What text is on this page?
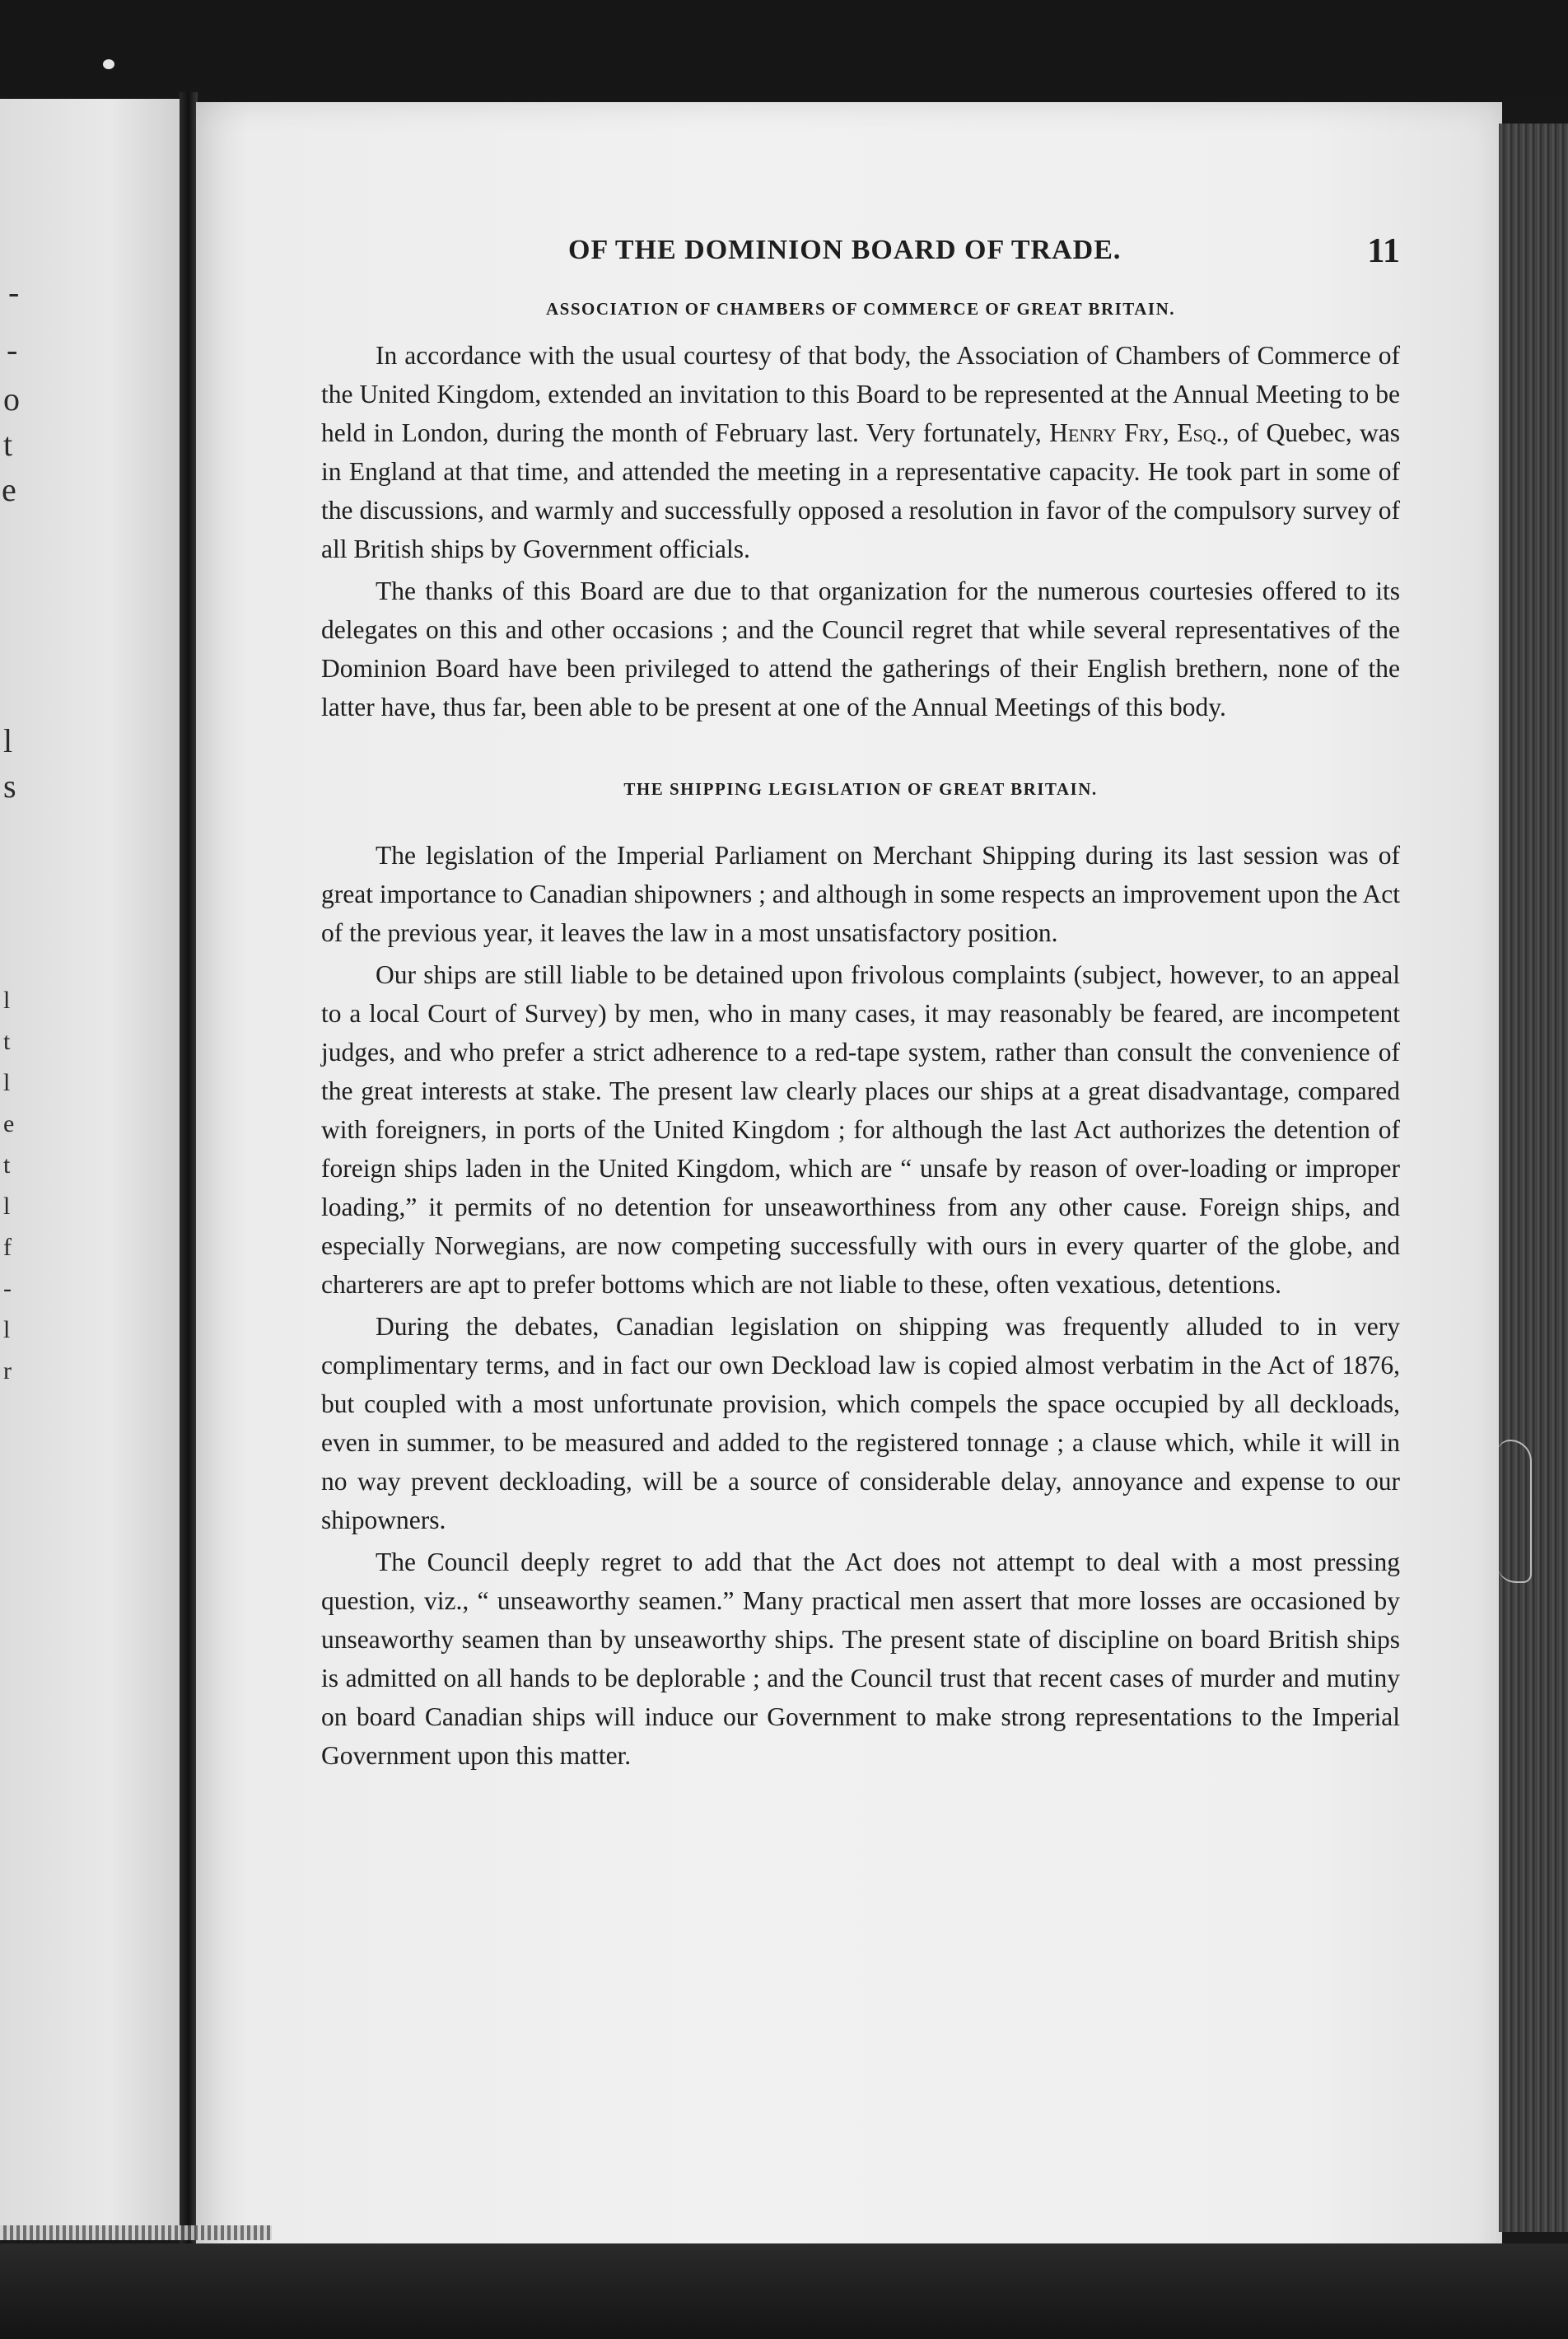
-
-
o
t
e
l
s
l
t
l
e
t
l
f
-
l
r
OF THE DOMINION BOARD OF TRADE.	11
ASSOCIATION OF CHAMBERS OF COMMERCE OF GREAT BRITAIN.

In accordance with the usual courtesy of that body, the Association of Chambers of Commerce of the United Kingdom, extended an invitation to this Board to be represented at the Annual Meeting to be held in London, during the month of February last. Very fortunately, Henry Fry, Esq., of Quebec, was in England at that time, and attended the meeting in a representative capacity. He took part in some of the discussions, and warmly and successfully opposed a resolution in favor of the compulsory survey of all British ships by Government officials.

The thanks of this Board are due to that organization for the numerous courtesies offered to its delegates on this and other occasions ; and the Council regret that while several representatives of the Dominion Board have been privileged to attend the gatherings of their English brethern, none of the latter have, thus far, been able to be present at one of the Annual Meetings of this body.

THE SHIPPING LEGISLATION OF GREAT BRITAIN.

The legislation of the Imperial Parliament on Merchant Shipping during its last session was of great importance to Canadian shipowners ; and although in some respects an improvement upon the Act of the previous year, it leaves the law in a most unsatisfactory position.

Our ships are still liable to be detained upon frivolous complaints (subject, however, to an appeal to a local Court of Survey) by men, who in many cases, it may reasonably be feared, are incompetent judges, and who prefer a strict adherence to a red-tape system, rather than consult the convenience of the great interests at stake. The present law clearly places our ships at a great disadvantage, compared with foreigners, in ports of the United Kingdom ; for although the last Act authorizes the detention of foreign ships laden in the United Kingdom, which are “ unsafe by reason of over-loading or improper loading,” it permits of no detention for unseaworthiness from any other cause. Foreign ships, and especially Norwegians, are now competing successfully with ours in every quarter of the globe, and charterers are apt to prefer bottoms which are not liable to these, often vexatious, detentions.

During the debates, Canadian legislation on shipping was frequently alluded to in very complimentary terms, and in fact our own Deckload law is copied almost verbatim in the Act of 1876, but coupled with a most unfortunate provision, which compels the space occupied by all deckloads, even in summer, to be measured and added to the registered tonnage ; a clause which, while it will in no way prevent deckloading, will be a source of considerable delay, annoyance and expense to our shipowners.

The Council deeply regret to add that the Act does not attempt to deal with a most pressing question, viz., “ unseaworthy seamen.” Many practical men assert that more losses are occasioned by unseaworthy seamen than by unseaworthy ships. The present state of discipline on board British ships is admitted on all hands to be deplorable ; and the Council trust that recent cases of murder and mutiny on board Canadian ships will induce our Government to make strong representations to the Imperial Government upon this matter.
